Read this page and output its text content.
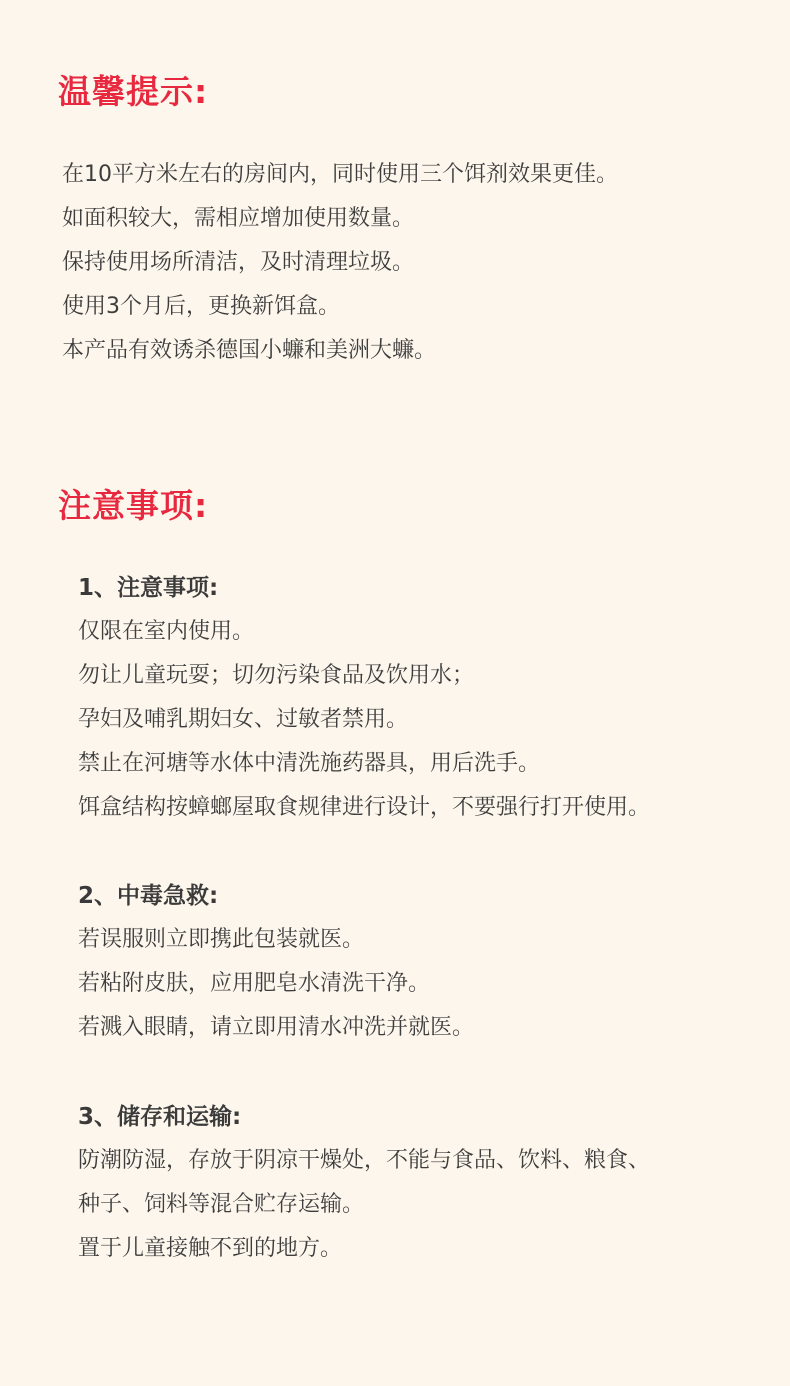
温馨提示:
在10平方米左右的房间内，同时使用三个饵剂效果更佳。
如面积较大，需相应增加使用数量。
保持使用场所清洁，及时清理垃圾。
使用3个月后，更换新饵盒。
本产品有效诱杀德国小蠊和美洲大蠊。
注意事项:
1、注意事项:
仅限在室内使用。
勿让儿童玩耍；切勿污染食品及饮用水；
孕妇及哺乳期妇女、过敏者禁用。
禁止在河塘等水体中清洗施药器具，用后洗手。
饵盒结构按蟑螂屋取食规律进行设计，不要强行打开使用。
2、中毒急救:
若误服则立即携此包装就医。
若粘附皮肤，应用肥皂水清洗干净。
若溅入眼睛，请立即用清水冲洗并就医。
3、储存和运输:
防潮防湿，存放于阴凉干燥处，不能与食品、饮料、粮食、
种子、饲料等混合贮存运输。
置于儿童接触不到的地方。
